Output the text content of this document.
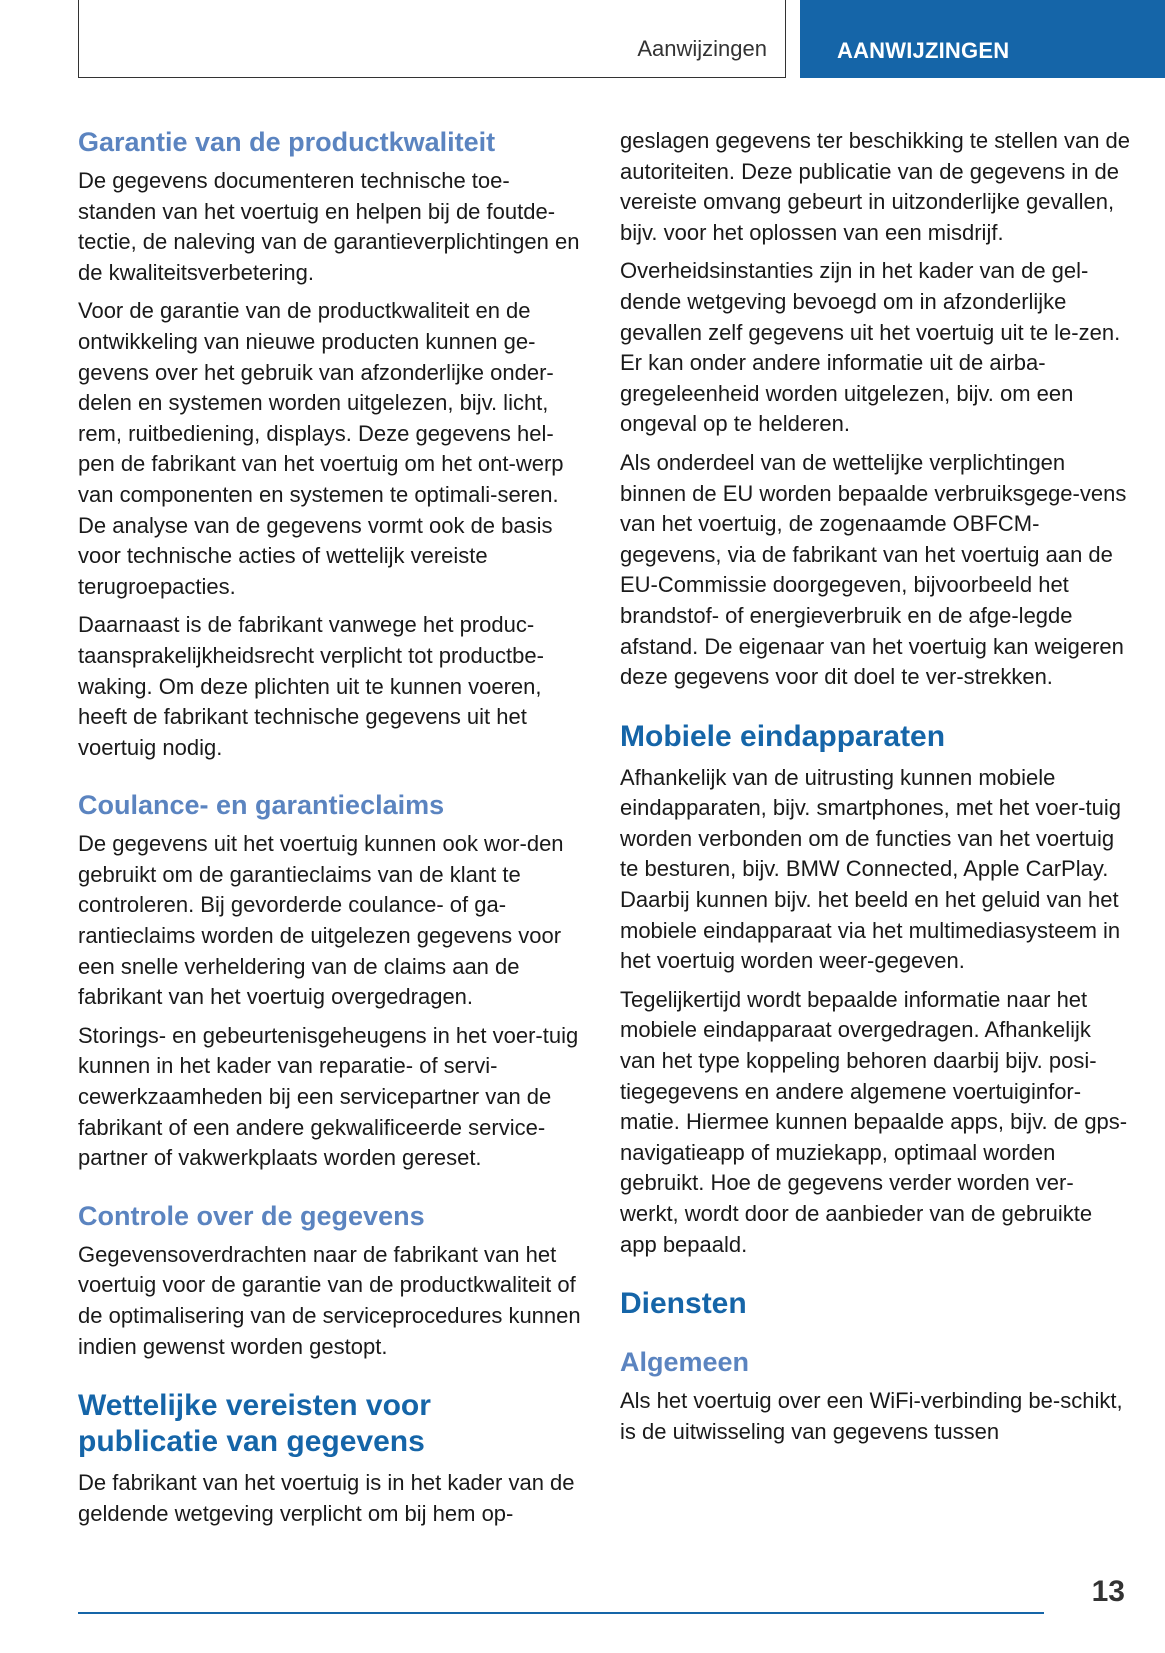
Aanwijzingen	AANWIJZINGEN
Garantie van de productkwaliteit

De gegevens documenteren technische toe-standen van het voertuig en helpen bij de foutde-tectie, de naleving van de garantieverplichtingen en de kwaliteitsverbetering.

Voor de garantie van de productkwaliteit en de ontwikkeling van nieuwe producten kunnen ge-gevens over het gebruik van afzonderlijke onder-delen en systemen worden uitgelezen, bijv. licht, rem, ruitbediening, displays. Deze gegevens hel-pen de fabrikant van het voertuig om het ont-werp van componenten en systemen te optimali-seren. De analyse van de gegevens vormt ook de basis voor technische acties of wettelijk vereiste terugroepacties.

Daarnaast is de fabrikant vanwege het produc-taansprakelijkheidsrecht verplicht tot productbe-waking. Om deze plichten uit te kunnen voeren, heeft de fabrikant technische gegevens uit het voertuig nodig.

Coulance- en garantieclaims

De gegevens uit het voertuig kunnen ook wor-den gebruikt om de garantieclaims van de klant te controleren. Bij gevorderde coulance- of ga-rantieclaims worden de uitgelezen gegevens voor een snelle verheldering van de claims aan de fabrikant van het voertuig overgedragen.

Storings- en gebeurtenisgeheugens in het voer-tuig kunnen in het kader van reparatie- of servi-cewerkzaamheden bij een servicepartner van de fabrikant of een andere gekwalificeerde service-partner of vakwerkplaats worden gereset.

Controle over de gegevens

Gegevensoverdrachten naar de fabrikant van het voertuig voor de garantie van de productkwaliteit of de optimalisering van de serviceprocedures kunnen indien gewenst worden gestopt.

Wettelijke vereisten voor
publicatie van gegevens

De fabrikant van het voertuig is in het kader van de geldende wetgeving verplicht om bij hem op-

geslagen gegevens ter beschikking te stellen van de autoriteiten. Deze publicatie van de gegevens in de vereiste omvang gebeurt in uitzonderlijke gevallen, bijv. voor het oplossen van een misdrijf.

Overheidsinstanties zijn in het kader van de gel-dende wetgeving bevoegd om in afzonderlijke gevallen zelf gegevens uit het voertuig uit te le-zen. Er kan onder andere informatie uit de airba-gregeleenheid worden uitgelezen, bijv. om een ongeval op te helderen.

Als onderdeel van de wettelijke verplichtingen binnen de EU worden bepaalde verbruiksgege-vens van het voertuig, de zogenaamde OBFCM-gegevens, via de fabrikant van het voertuig aan de EU-Commissie doorgegeven, bijvoorbeeld het brandstof- of energieverbruik en de afge-legde afstand. De eigenaar van het voertuig kan weigeren deze gegevens voor dit doel te ver-strekken.

Mobiele eindapparaten

Afhankelijk van de uitrusting kunnen mobiele eindapparaten, bijv. smartphones, met het voer-tuig worden verbonden om de functies van het voertuig te besturen, bijv. BMW Connected, Apple CarPlay. Daarbij kunnen bijv. het beeld en het geluid van het mobiele eindapparaat via het multimediasysteem in het voertuig worden weer-gegeven.

Tegelijkertijd wordt bepaalde informatie naar het mobiele eindapparaat overgedragen. Afhankelijk van het type koppeling behoren daarbij bijv. posi-tiegegevens en andere algemene voertuiginfor-matie. Hiermee kunnen bepaalde apps, bijv. de gps-navigatieapp of muziekapp, optimaal worden gebruikt. Hoe de gegevens verder worden ver-werkt, wordt door de aanbieder van de gebruikte app bepaald.

Diensten
Algemeen

Als het voertuig over een WiFi-verbinding be-schikt, is de uitwisseling van gegevens tussen

13
